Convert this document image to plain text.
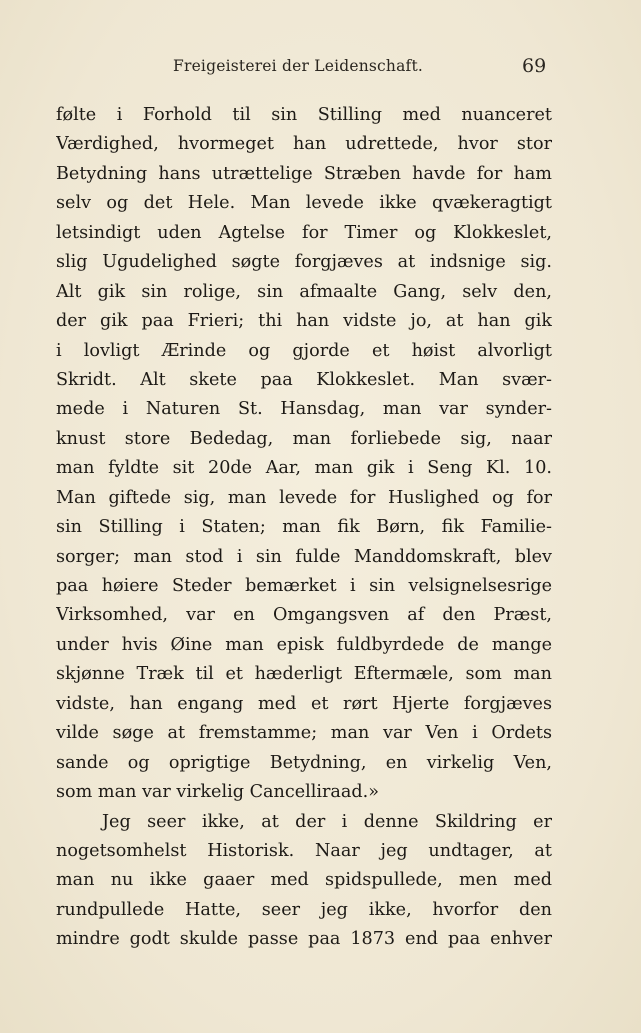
Freigeisterei der Leidenschaft.	69
følte i Forhold til sin Stilling med nuanceret
Værdighed, hvormeget han udrettede, hvor stor
Betydning hans utrættelige Stræben havde for ham
selv og det Hele. Man levede ikke qvækeragtigt
letsindigt uden Agtelse for Timer og Klokkeslet,
slig Ugudelighed søgte forgjæves at indsnige sig.
Alt gik sin rolige, sin afmaalte Gang, selv den,
der gik paa Frieri; thi han vidste jo, at han gik
i lovligt Ærinde og gjorde et høist alvorligt
Skridt. Alt skete paa Klokkeslet. Man svær-
mede i Naturen St. Hansdag, man var synder-
knust store Bededag, man forliebede sig, naar
man fyldte sit 20de Aar, man gik i Seng Kl. 10.
Man giftede sig, man levede for Huslighed og for
sin Stilling i Staten; man fik Børn, fik Familie-
sorger; man stod i sin fulde Manddomskraft, blev
paa høiere Steder bemærket i sin velsignelsesrige
Virksomhed, var en Omgangsven af den Præst,
under hvis Øine man episk fuldbyrdede de mange
skjønne Træk til et hæderligt Eftermæle, som man
vidste, han engang med et rørt Hjerte forgjæves
vilde søge at fremstamme; man var Ven i Ordets
sande og oprigtige Betydning, en virkelig Ven,
som man var virkelig Cancelliraad.»
Jeg seer ikke, at der i denne Skildring er
nogetsomhelst Historisk. Naar jeg undtager, at
man nu ikke gaaer med spidspullede, men med
rundpullede Hatte, seer jeg ikke, hvorfor den
mindre godt skulde passe paa 1873 end paa enhver
